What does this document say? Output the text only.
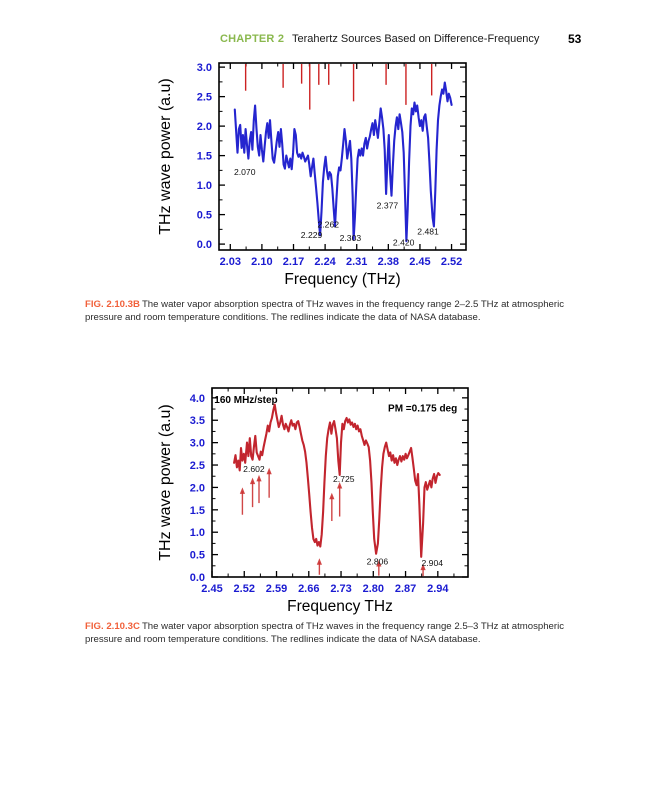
CHAPTER 2 Terahertz Sources Based on Difference-Frequency 53
2.03 2.10 2.17 2.24 2.31 2.38 2.45 2.52
0.0
0.5
1.0
1.5
2.0
2.5
3.0
2.070
2.229
2.262
2.303
2.377
2.420
2.481
Frequency (THz)
THz wave power (a.u)
FIG. 2.10.3B The water vapor absorption spectra of THz waves in the frequency range 2–2.5 THz at atmospheric pressure and room temperature conditions. The redlines indicate the data of NASA database.
2.45 2.52 2.59 2.66 2.73 2.80 2.87 2.94
0.0
0.5
1.0
1.5
2.0
2.5
3.0
3.5
4.0
2.602
2.725
2.806	2.904
160 MHz/step
PM =0.175 deg
Frequency THz
THz wave power (a.u)
FIG. 2.10.3C The water vapor absorption spectra of THz waves in the frequency range 2.5–3 THz at atmospheric pressure and room temperature conditions. The redlines indicate the data of NASA database.
